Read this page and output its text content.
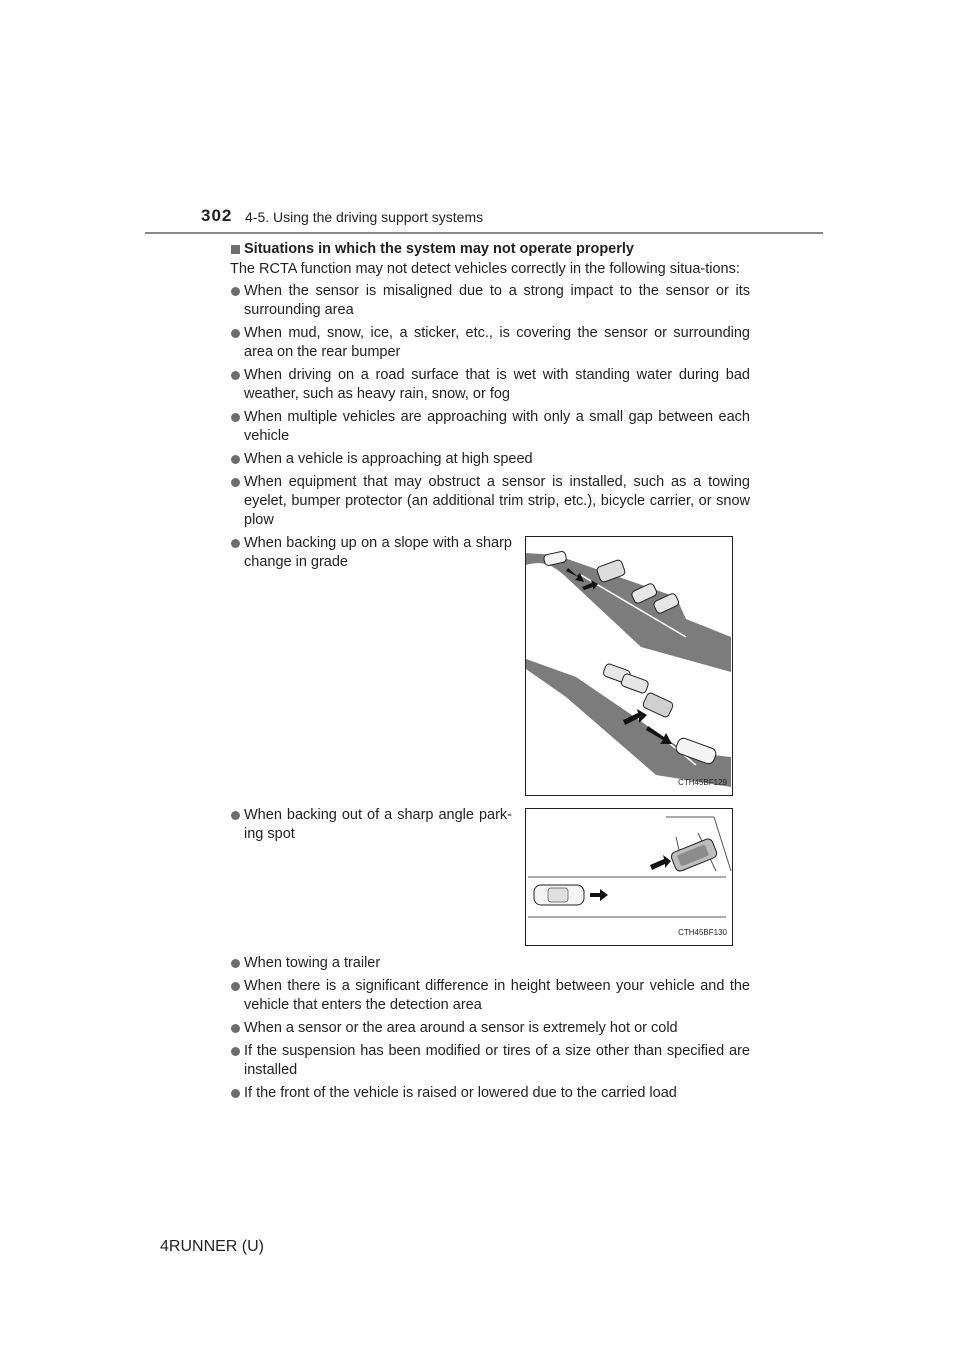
302 4-5. Using the driving support systems
Situations in which the system may not operate properly
The RCTA function may not detect vehicles correctly in the following situa-tions:
When the sensor is misaligned due to a strong impact to the sensor or its surrounding area
When mud, snow, ice, a sticker, etc., is covering the sensor or surrounding area on the rear bumper
When driving on a road surface that is wet with standing water during bad weather, such as heavy rain, snow, or fog
When multiple vehicles are approaching with only a small gap between each vehicle
When a vehicle is approaching at high speed
When equipment that may obstruct a sensor is installed, such as a towing eyelet, bumper protector (an additional trim strip, etc.), bicycle carrier, or snow plow
When backing up on a slope with a sharp change in grade
CTH45BF129
When backing out of a sharp angle park-ing spot
CTH45BF130
When towing a trailer
When there is a significant difference in height between your vehicle and the vehicle that enters the detection area
When a sensor or the area around a sensor is extremely hot or cold
If the suspension has been modified or tires of a size other than specified are installed
If the front of the vehicle is raised or lowered due to the carried load
4RUNNER (U)
